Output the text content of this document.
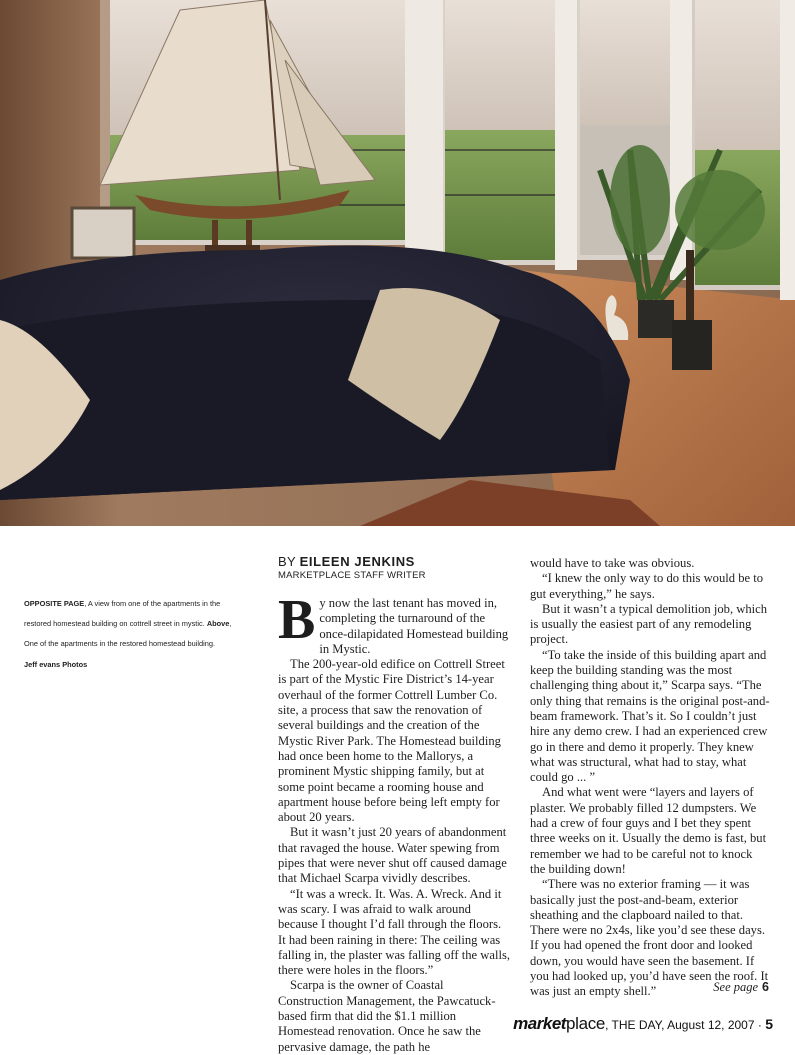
OPPOSITE PAGE, A view from one of the apartments in the restored homestead building on cottrell street in mystic. Above, One of the apartments in the restored homestead building.
Jeff evans Photos
BY EILEEN JENKINS
MARKETPLACE STAFF WRITER

By now the last tenant has moved in, completing the turnaround of the once-dilapidated Homestead building in Mystic.

The 200-year-old edifice on Cottrell Street is part of the Mystic Fire District’s 14-year overhaul of the former Cottrell Lumber Co. site, a process that saw the renovation of several buildings and the creation of the Mystic River Park. The Homestead building had once been home to the Mallorys, a prominent Mystic shipping family, but at some point became a rooming house and apartment house before being left empty for about 20 years.

But it wasn’t just 20 years of abandonment that ravaged the house. Water spewing from pipes that were never shut off caused damage that Michael Scarpa vividly describes.

“It was a wreck. It. Was. A. Wreck. And it was scary. I was afraid to walk around because I thought I’d fall through the floors. It had been raining in there: The ceiling was falling in, the plaster was falling off the walls, there were holes in the floors.”

Scarpa is the owner of Coastal Construction Management, the Pawcatuck-based firm that did the $1.1 million Homestead renovation. Once he saw the pervasive damage, the path he

would have to take was obvious.

“I knew the only way to do this would be to gut everything,” he says.

But it wasn’t a typical demolition job, which is usually the easiest part of any remodeling project.

“To take the inside of this building apart and keep the building standing was the most challenging thing about it,” Scarpa says. “The only thing that remains is the original post-and-beam framework. That’s it. So I couldn’t just hire any demo crew. I had an experienced crew go in there and demo it properly. They knew what was structural, what had to stay, what could go ... ”

And what went were “layers and layers of plaster. We probably filled 12 dumpsters. We had a crew of four guys and I bet they spent three weeks on it. Usually the demo is fast, but remember we had to be careful not to knock the building down!

“There was no exterior framing — it was basically just the post-and-beam, exterior sheathing and the clapboard nailed to that. There were no 2x4s, like you’d see these days. If you had opened the front door and looked down, you would have seen the basement. If you had looked up, you’d have seen the roof. It was just an empty shell.”	See page 6
marketplace, THE DAY, August 12, 2007 · 5
